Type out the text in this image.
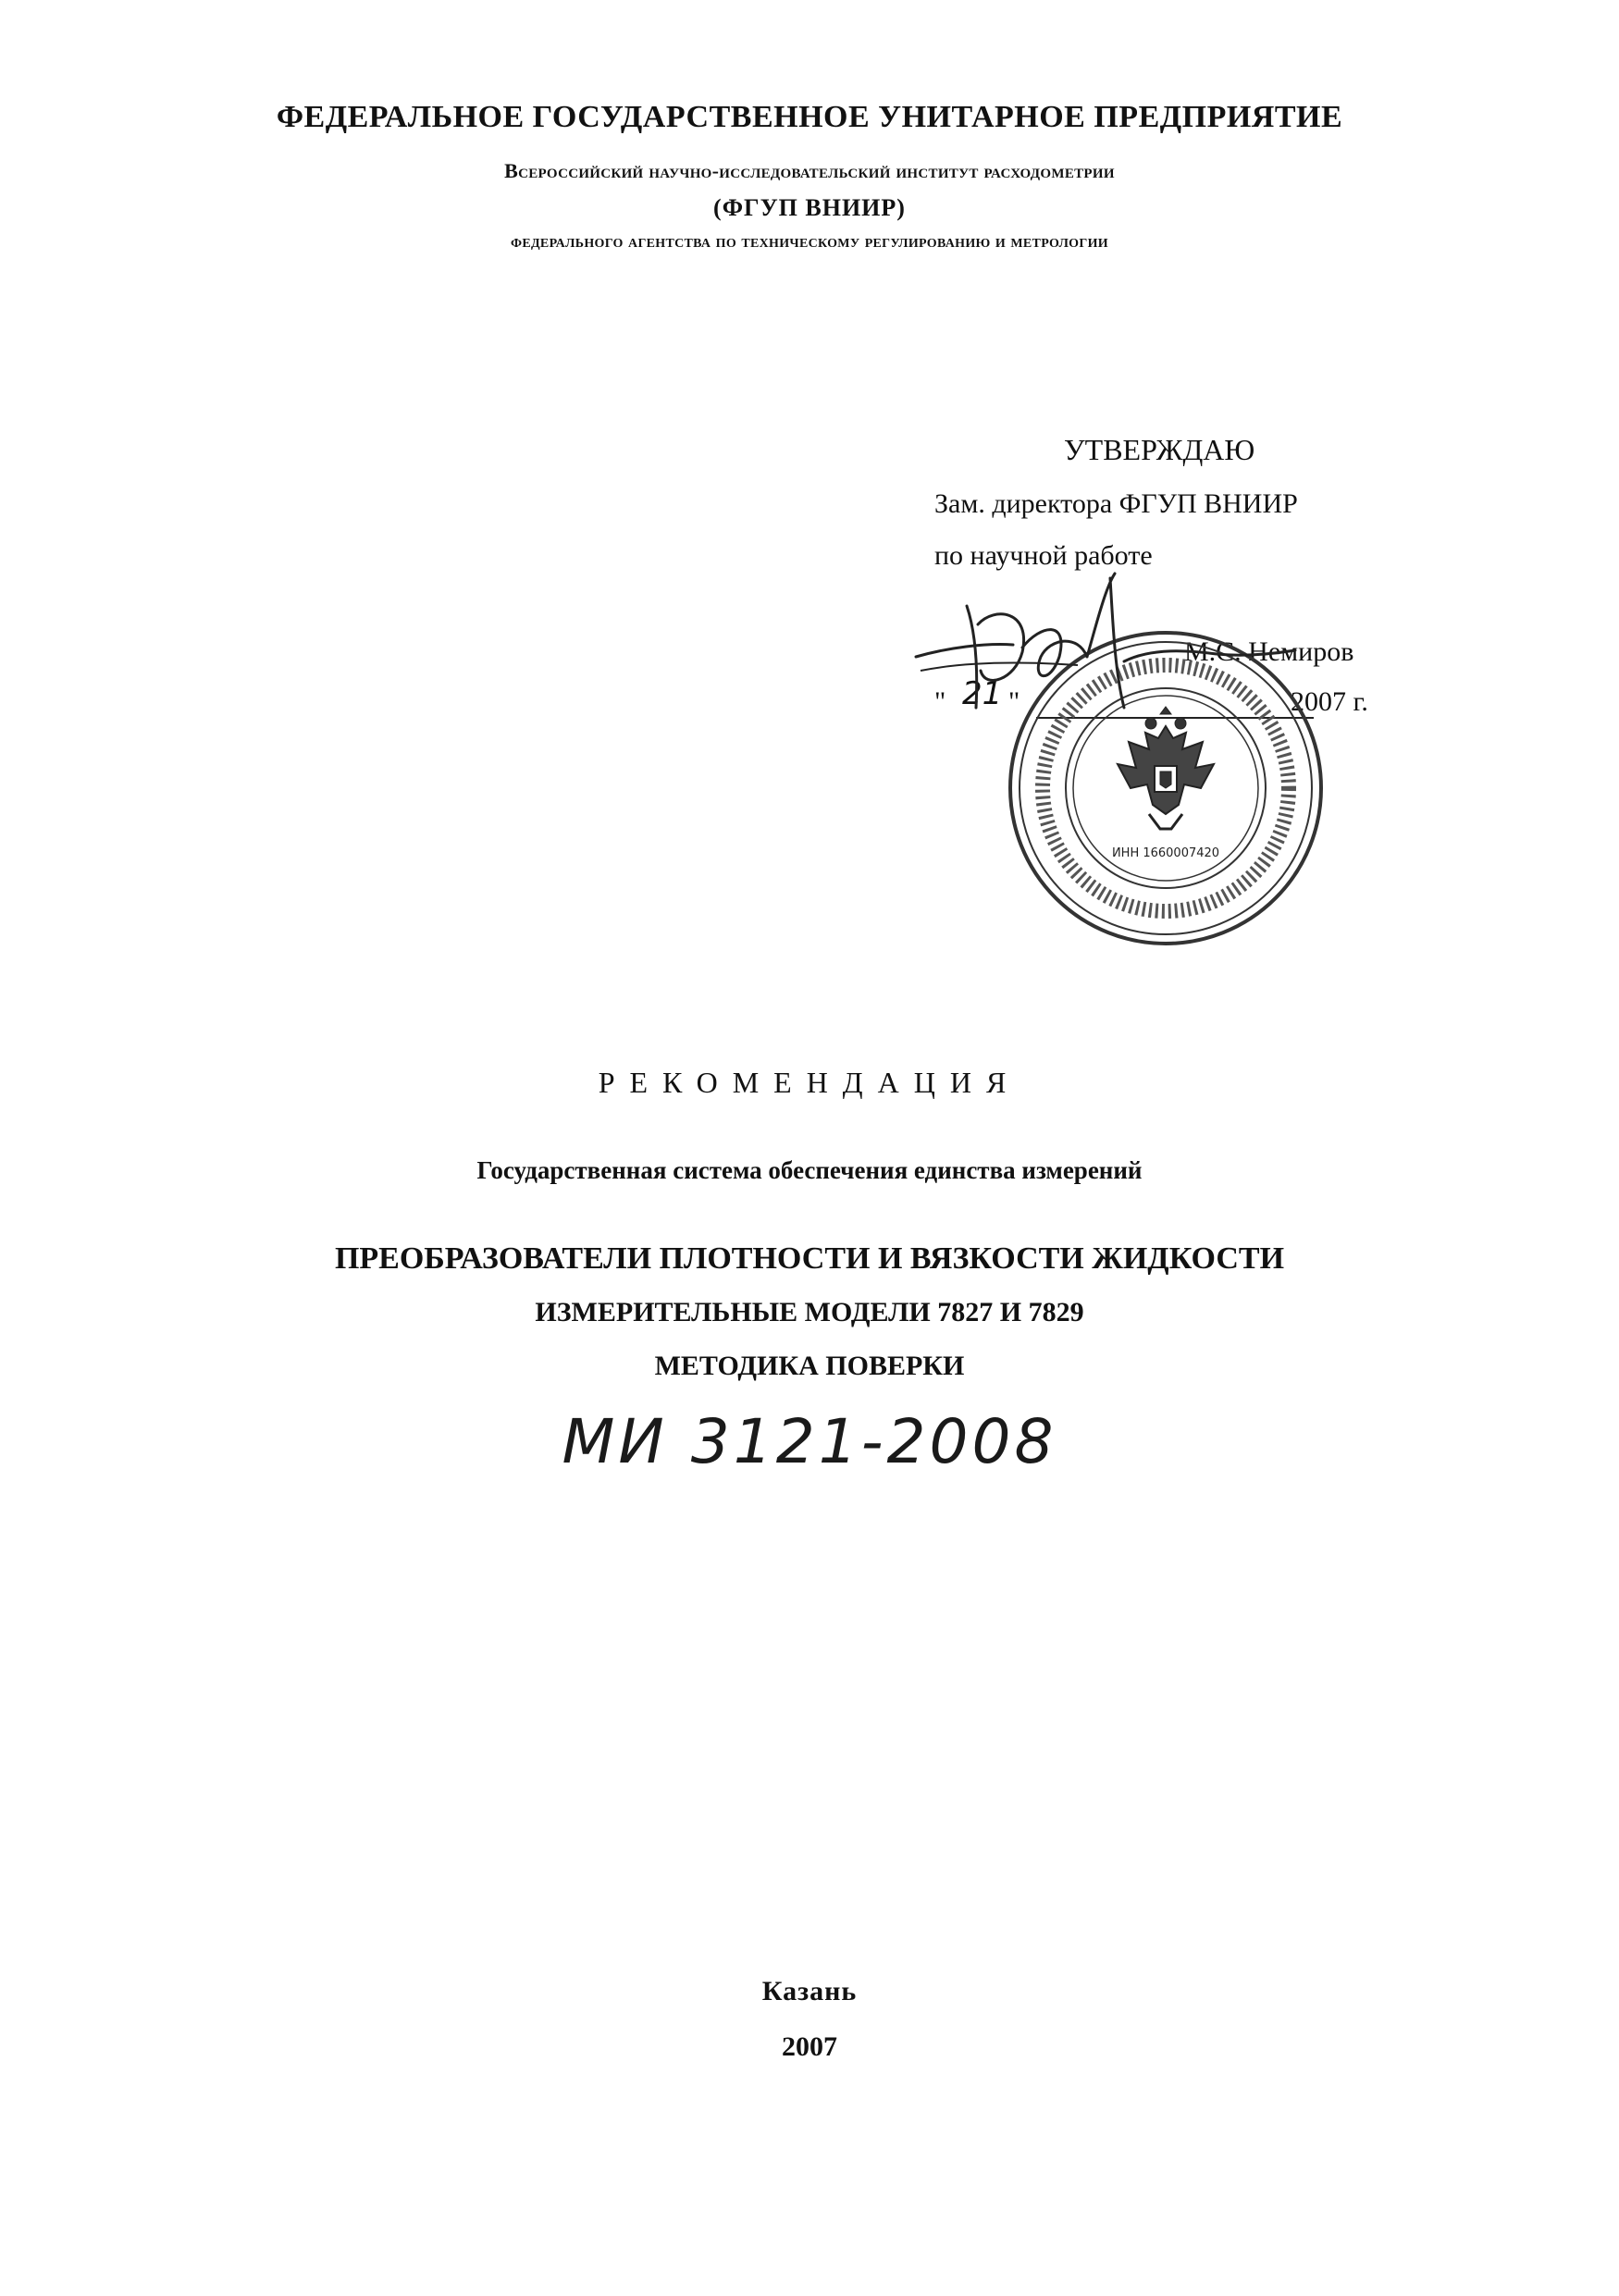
ФЕДЕРАЛЬНОЕ ГОСУДАРСТВЕННОЕ УНИТАРНОЕ ПРЕДПРИЯТИЕ
Всероссийский научно-исследовательский институт расходометрии
(ФГУП ВНИИР)
федерального агентства по техническому регулированию и метрологии
УТВЕРЖДАЮ
Зам. директора ФГУП ВНИИР
по научной работе
М.С. Немиров
" 21 "	2007 г.
ИНН 1660007420
РЕКОМЕНДАЦИЯ
Государственная система обеспечения единства измерений
ПРЕОБРАЗОВАТЕЛИ ПЛОТНОСТИ И ВЯЗКОСТИ ЖИДКОСТИ
ИЗМЕРИТЕЛЬНЫЕ МОДЕЛИ 7827 И 7829
МЕТОДИКА ПОВЕРКИ
МИ 3121-2008
Казань
2007
